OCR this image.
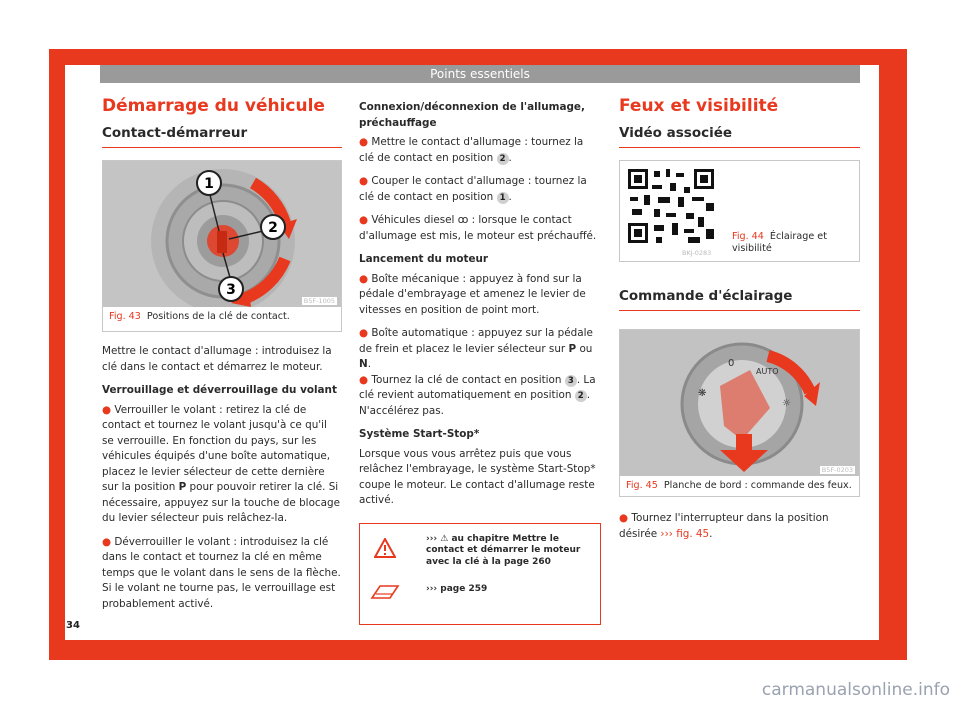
Points essentiels
Démarrage du véhicule
Contact-démarreur
1
2
3
B5F-1005
Fig. 43 Positions de la clé de contact.

Mettre le contact d'allumage : introduisez la clé dans le contact et démarrez le moteur.

Verrouillage et déverrouillage du volant

● Verrouiller le volant : retirez la clé de contact et tournez le volant jusqu'à ce qu'il se verrouille. En fonction du pays, sur les véhicules équipés d'une boîte automatique, placez le levier sélecteur de cette dernière sur la position P pour pouvoir retirer la clé. Si nécessaire, appuyez sur la touche de blocage du levier sélecteur puis relâchez-la.

● Déverrouiller le volant : introduisez la clé dans le contact et tournez la clé en même temps que le volant dans le sens de la flèche. Si le volant ne tourne pas, le verrouillage est probablement activé.

Connexion/déconnexion de l'allumage, préchauffage

● Mettre le contact d'allumage : tournez la clé de contact en position 2 .

● Couper le contact d'allumage : tournez la clé de contact en position 1 .

● Véhicules diesel ꝏ : lorsque le contact d'allumage est mis, le moteur est préchauffé.

Lancement du moteur

● Boîte mécanique : appuyez à fond sur la pédale d'embrayage et amenez le levier de vitesses en position de point mort.

● Boîte automatique : appuyez sur la pédale de frein et placez le levier sélecteur sur P ou
N.
● Tournez la clé de contact en position 3 . La clé revient automatiquement en position 2 . N'accélérez pas.

Système Start-Stop*

Lorsque vous vous arrêtez puis que vous relâchez l'embrayage, le système Start-Stop* coupe le moteur. Le contact d'allumage reste activé.

››› ⚠ au chapitre Mettre le contact et démarrer le moteur avec la clé à la page 260
››› page 259
Feux et visibilité
Vidéo associée
BKJ-0283
Fig. 44 Éclairage et visibilité
Commande d'éclairage
0
AUTO
❋
☼
B5F-0203
Fig. 45 Planche de bord : commande des feux.

● Tournez l'interrupteur dans la position désirée ››› fig. 45.

34
carmanualsonline.info
